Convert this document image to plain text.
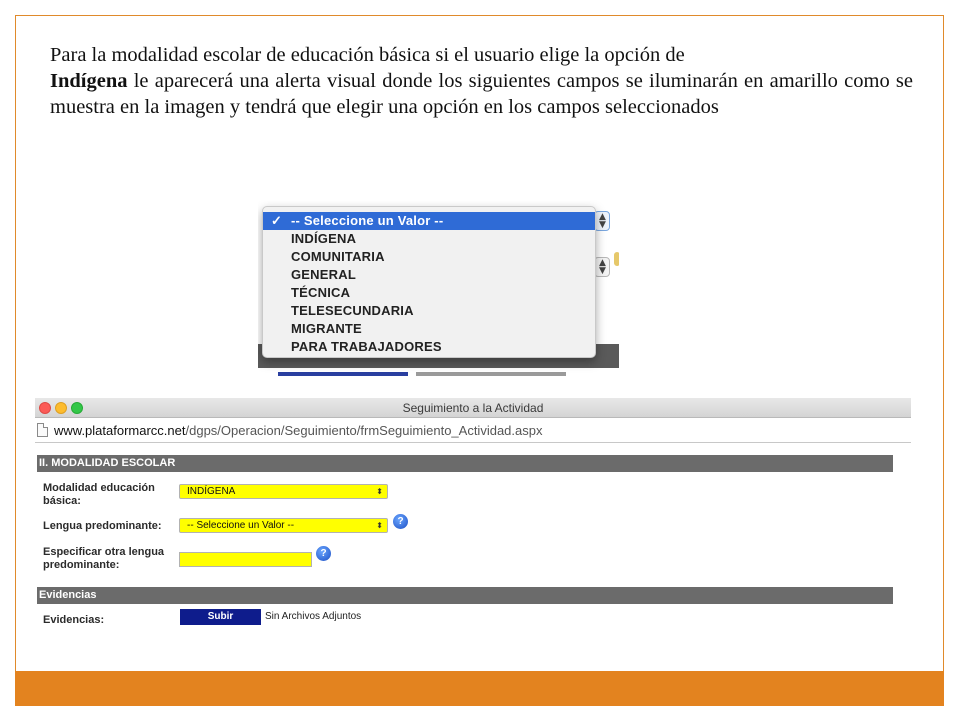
Para la modalidad escolar de educación básica si el usuario elige la opción de
Indígena le aparecerá una alerta visual donde los siguientes campos se iluminarán en amarillo como se muestra en la imagen y tendrá que elegir una opción en los campos seleccionados
▲
▼
▲
▼
✓ -- Seleccione un Valor --
INDÍGENA
COMUNITARIA
GENERAL
TÉCNICA
TELESECUNDARIA
MIGRANTE
PARA TRABAJADORES
Seguimiento a la Actividad
www.plataformarcc.net/dgps/Operacion/Seguimiento/frmSeguimiento_Actividad.aspx
II. MODALIDAD ESCOLAR
Modalidad educación básica:
INDÍGENA	⬍
Lengua predominante:	-- Seleccione un Valor --	⬍	?
Especificar otra lengua predominante:
?
Evidencias
Evidencias:	Subir	Sin Archivos Adjuntos
